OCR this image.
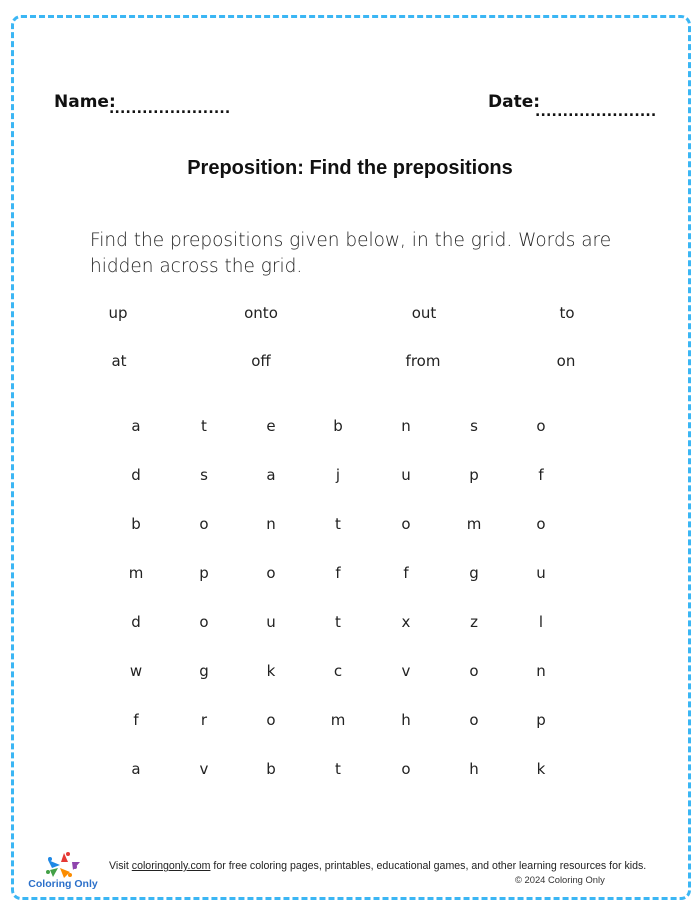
Name:
......................	Date:
......................
Preposition: Find the prepositions
Find the prepositions given below, in the grid. Words are hidden across the grid.
up	onto	out	to
at	off	from	on
a	t	e	b	n	s	o
d	s	a	j	u	p	f
b	o	n	t	o	m	o
m	p	o	f	f	g	u
d	o	u	t	x	z	l
w	g	k	c	v	o	n
f	r	o	m	h	o	p
a	v	b	t	o	h	k
Coloring Only
Visit coloringonly.com for free coloring pages, printables, educational games, and other learning resources for kids.
© 2024 Coloring Only
